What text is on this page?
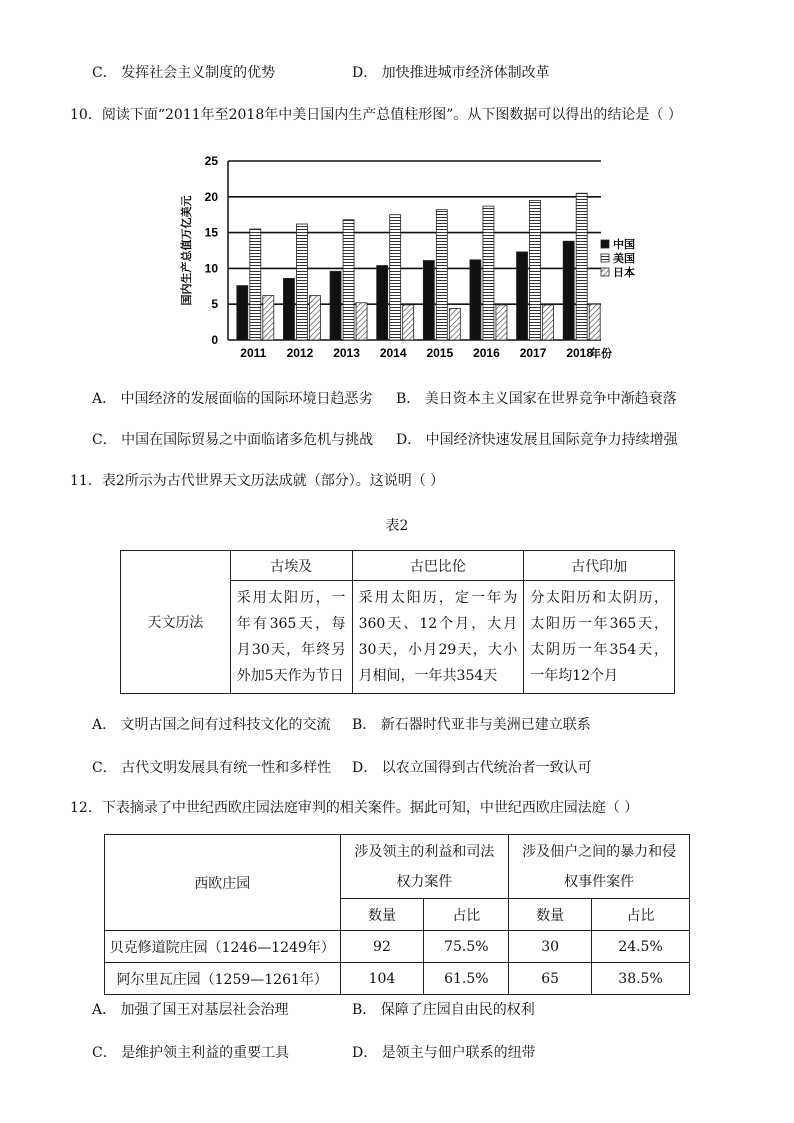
C． 发挥社会主义制度的优势	D． 加快推进城市经济体制改革
10．阅读下面“2011年至2018年中美日国内生产总值柱形图”。从下图数据可以得出的结论是（ ）
0
5
10
15
20
25
国内生产总值万亿美元
2011 2012 2013 2014 2015 2016 2017 2018
中国
美国
日本
年份
A． 中国经济的发展面临的国际环境日趋恶劣 B． 美日资本主义国家在世界竞争中渐趋衰落
C． 中国在国际贸易之中面临诸多危机与挑战 D． 中国经济快速发展且国际竞争力持续增强
11．表2所示为古代世界天文历法成就（部分）。这说明（ ）
表2
天文历法	古埃及	古巴比伦	古代印加
	采用太阳历，一年有365天，每月30天，年终另外加5天作为节日	采用太阳历，定一年为360天、12个月，大月30天，小月29天，大小月相间，一年共354天	分太阳历和太阴历，太阳历一年365天，太阴历一年354天，一年均12个月
A． 文明古国之间有过科技文化的交流 B． 新石器时代亚非与美洲已建立联系
C． 古代文明发展具有统一性和多样性 D． 以农立国得到古代统治者一致认可
12．下表摘录了中世纪西欧庄园法庭审判的相关案件。据此可知，中世纪西欧庄园法庭（ ）
西欧庄园	涉及领主的利益和司法权力案件		涉及佃户之间的暴力和侵权事件案件	
	数量	占比	数量	占比
贝克修道院庄园（1246—1249年）	92	75.5%	30	24.5%
阿尔里瓦庄园（1259—1261年）	104	61.5%	65	38.5%
A． 加强了国王对基层社会治理	B． 保障了庄园自由民的权利
C． 是维护领主利益的重要工具	D． 是领主与佃户联系的纽带
